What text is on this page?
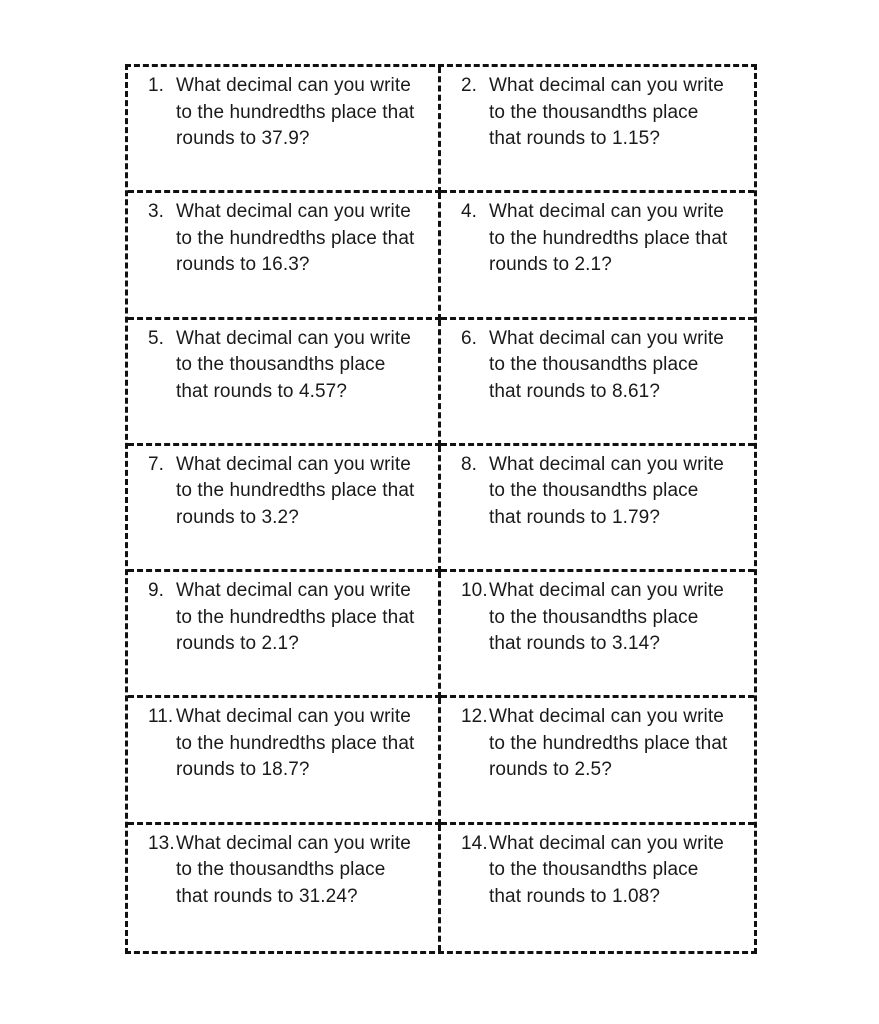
1. What decimal can you write
to the hundredths place that
rounds to 37.9?
2. What decimal can you write
to the thousandths place
that rounds to 1.15?
3. What decimal can you write
to the hundredths place that
rounds to 16.3?
4. What decimal can you write
to the hundredths place that
rounds to 2.1?
5. What decimal can you write
to the thousandths place
that rounds to 4.57?
6. What decimal can you write
to the thousandths place
that rounds to 8.61?
7. What decimal can you write
to the hundredths place that
rounds to 3.2?
8. What decimal can you write
to the thousandths place
that rounds to 1.79?
9. What decimal can you write
to the hundredths place that
rounds to 2.1?
10. What decimal can you write
to the thousandths place
that rounds to 3.14?
11. What decimal can you write
to the hundredths place that
rounds to 18.7?
12. What decimal can you write
to the hundredths place that
rounds to 2.5?
13. What decimal can you write
to the thousandths place
that rounds to 31.24?
14. What decimal can you write
to the thousandths place
that rounds to 1.08?
